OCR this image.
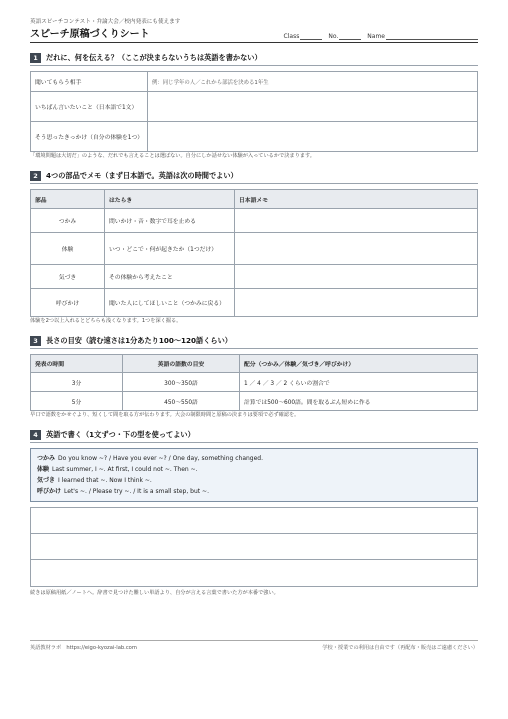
英語スピーチコンテスト・弁論大会／校内発表にも使えます
スピーチ原稿づくりシート	Class	No.	Name
1	だれに、何を伝える？（ここが決まらないうちは英語を書かない）
聞いてもらう相手	例：同じ学年の人／これから部活を決める1年生
いちばん言いたいこと（日本語で1文）	
そう思ったきっかけ（自分の体験を1つ）	
「環境問題は大切だ」のような、だれでも言えることは選ばない。自分にしか話せない体験が入っているかで決まります。
2	4つの部品でメモ（まず日本語で。英語は次の時間でよい）
部品	はたらき	日本語メモ
つかみ	問いかけ・音・数字で耳を止める	
体験	いつ・どこで・何が起きたか（1つだけ）	
気づき	その体験から考えたこと	
呼びかけ	聞いた人にしてほしいこと（つかみに戻る）	
体験を2つ以上入れるとどちらも浅くなります。1つを深く掘る。
3	長さの目安（読む速さは1分あたり100〜120語くらい）
発表の時間	英語の語数の目安	配分（つかみ／体験／気づき／呼びかけ）
3分	300〜350語	1 ／ 4 ／ 3 ／ 2 くらいの割合で
5分	450〜550語	計算では500〜600語。間を取るぶん短めに作る
早口で語数をかせぐより、短くして間を取る方が伝わります。大会の制限時間と原稿の決まりは要項で必ず確認を。
4	英語で書く（1文ずつ・下の型を使ってよい）
つかみ Do you know ~? / Have you ever ~? / One day, something changed.
体験 Last summer, I ~. At first, I could not ~. Then ~.
気づき I learned that ~. Now I think ~.
呼びかけ Let's ~. / Please try ~. / It is a small step, but ~.
続きは原稿用紙／ノートへ。辞書で見つけた難しい単語より、自分が言える言葉で書いた方が本番で強い。
英語教材ラボ　https://eigo-kyozai-lab.com	学校・授業での利用は自由です（再配布・販売はご遠慮ください）
